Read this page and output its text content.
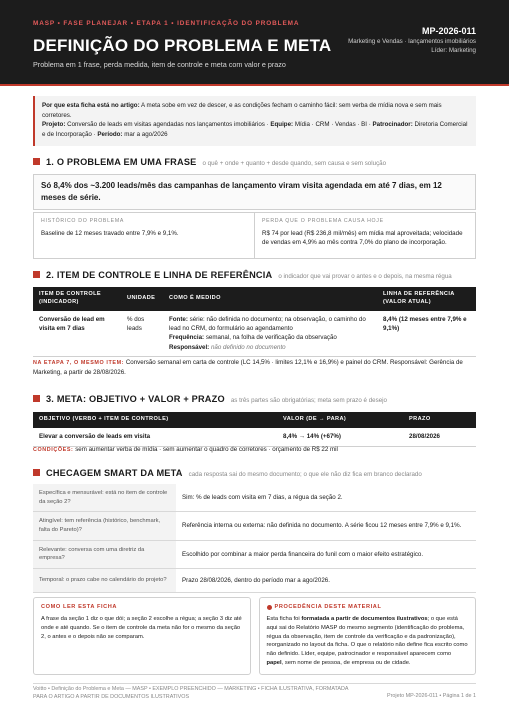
MASP • FASE PLANEJAR • ETAPA 1 • IDENTIFICAÇÃO DO PROBLEMA
DEFINIÇÃO DO PROBLEMA E META
Problema em 1 frase, perda medida, item de controle e meta com valor e prazo
MP-2026-011
Marketing e Vendas · lançamentos imobiliários
Líder: Marketing
Por que esta ficha está no artigo: A meta sobe em vez de descer, e as condições fecham o caminho fácil: sem verba de mídia nova e sem mais corretores.
Projeto: Conversão de leads em visitas agendadas nos lançamentos imobiliários · Equipe: Mídia · CRM · Vendas · BI · Patrocinador: Diretoria Comercial e de Incorporação · Período: mar a ago/2026
1. O PROBLEMA EM UMA FRASE o quê + onde + quanto + desde quando, sem causa e sem solução
Só 8,4% dos ~3.200 leads/mês das campanhas de lançamento viram visita agendada em até 7 dias, em 12 meses de série.
HISTÓRICO DO PROBLEMA
Baseline de 12 meses travado entre 7,9% e 9,1%.
PERDA QUE O PROBLEMA CAUSA HOJE
R$ 74 por lead (R$ 236,8 mil/mês) em mídia mal aproveitada; velocidade de vendas em 4,9% ao mês contra 7,0% do plano de incorporação.
2. ITEM DE CONTROLE E LINHA DE REFERÊNCIA o indicador que vai provar o antes e o depois, na mesma régua
ITEM DE CONTROLE (INDICADOR)	UNIDADE	COMO É MEDIDO	LINHA DE REFERÊNCIA (VALOR ATUAL)
Conversão de lead em visita em 7 dias	% dos leads	Fonte: série: não definida no documento; na observação, o caminho do lead no CRM, do formulário ao agendamento
Frequência: semanal, na folha de verificação da observação
Responsável: não definido no documento	8,4% (12 meses entre 7,9% e 9,1%)
NA ETAPA 7, O MESMO ITEM: Conversão semanal em carta de controle (LC 14,5% · limites 12,1% e 16,9%) e painel do CRM. Responsável: Gerência de Marketing, a partir de 28/08/2026.
3. META: OBJETIVO + VALOR + PRAZO as três partes são obrigatórias; meta sem prazo é desejo
OBJETIVO (VERBO + ITEM DE CONTROLE)	VALOR (DE → PARA)	PRAZO
Elevar a conversão de leads em visita	8,4% → 14% (+67%)	28/08/2026
CONDIÇÕES: sem aumentar verba de mídia · sem aumentar o quadro de corretores · orçamento de R$ 22 mil
CHECAGEM SMART DA META cada resposta sai do mesmo documento; o que ele não diz fica em branco declarado
Específica e mensurável: está no item de controle da seção 2?	Sim: % de leads com visita em 7 dias, a régua da seção 2.
Atingível: tem referência (histórico, benchmark, falta do Pareto)?	Referência interna ou externa: não definida no documento. A série ficou 12 meses entre 7,9% e 9,1%.
Relevante: conversa com uma diretriz da empresa?	Escolhido por combinar a maior perda financeira do funil com o maior efeito estratégico.
Temporal: o prazo cabe no calendário do projeto?	Prazo 28/08/2026, dentro do período mar a ago/2026.
COMO LER ESTA FICHA
A frase da seção 1 diz o que dói; a seção 2 escolhe a régua; a seção 3 diz até onde e até quando. Se o item de controle da meta não for o mesmo da seção 2, o antes e o depois não se comparam.
PROCEDÊNCIA DESTE MATERIAL
Esta ficha foi formatada a partir de documentos ilustrativos; o que está aqui sai do Relatório MASP do mesmo segmento (identificação do problema, régua da observação, item de controle da verificação e da padronização), reorganizado no layout da ficha. O que o relatório não define fica escrito como não definido. Líder, equipe, patrocinador e responsável aparecem como papel, sem nome de pessoa, de empresa ou de cidade.
Voitto • Definição do Problema e Meta — MASP • EXEMPLO PREENCHIDO — MARKETING • FICHA ILUSTRATIVA, FORMATADA PARA O ARTIGO A PARTIR DE DOCUMENTOS ILUSTRATIVOS	Projeto MP-2026-011 • Página 1 de 1
